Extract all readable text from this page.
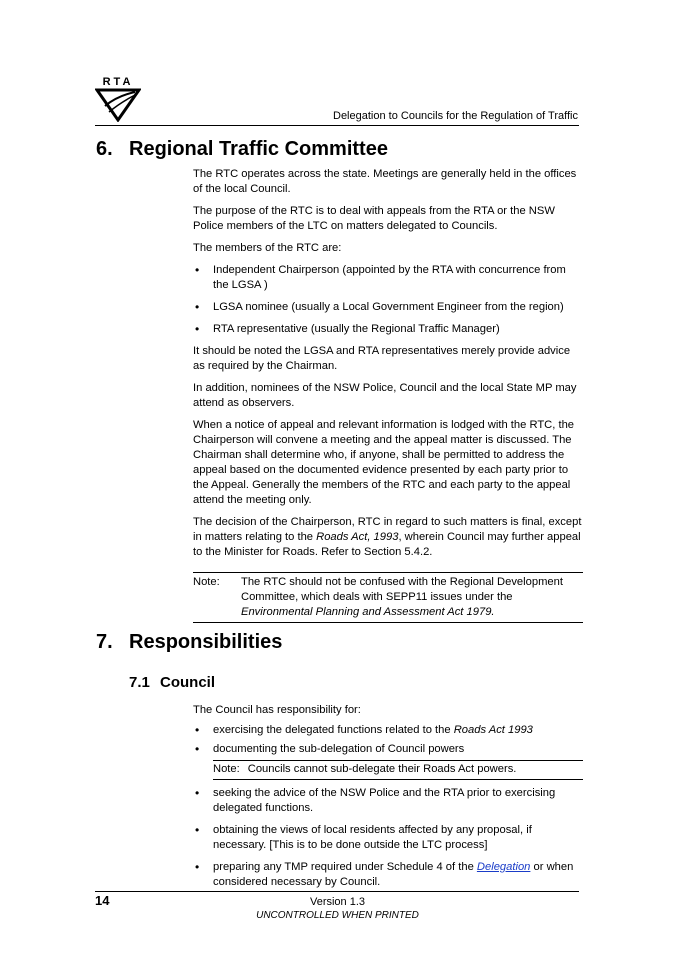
RTA
Delegation to Councils for the Regulation of Traffic
6. Regional Traffic Committee

The RTC operates across the state. Meetings are generally held in the offices of the local Council.

The purpose of the RTC is to deal with appeals from the RTA or the NSW Police members of the LTC on matters delegated to Councils.

The members of the RTC are:

• Independent Chairperson (appointed by the RTA with concurrence from the LGSA )
• LGSA nominee (usually a Local Government Engineer from the region)
• RTA representative (usually the Regional Traffic Manager)

It should be noted the LGSA and RTA representatives merely provide advice as required by the Chairman.

In addition, nominees of the NSW Police, Council and the local State MP may attend as observers.

When a notice of appeal and relevant information is lodged with the RTC, the Chairperson will convene a meeting and the appeal matter is discussed. The Chairman shall determine who, if anyone, shall be permitted to address the appeal based on the documented evidence presented by each party prior to the Appeal. Generally the members of the RTC and each party to the appeal attend the meeting only.

The decision of the Chairperson, RTC in regard to such matters is final, except in matters relating to the Roads Act, 1993, wherein Council may further appeal to the Minister for Roads. Refer to Section 5.4.2.

Note:	The RTC should not be confused with the Regional Development Committee, which deals with SEPP11 issues under the Environmental Planning and Assessment Act 1979.
7. Responsibilities
7.1 Council

The Council has responsibility for:

• exercising the delegated functions related to the Roads Act 1993
• documenting the sub-delegation of Council powers
Note: Councils cannot sub-delegate their Roads Act powers.
• seeking the advice of the NSW Police and the RTA prior to exercising delegated functions.
• obtaining the views of local residents affected by any proposal, if necessary. [This is to be done outside the LTC process]
• preparing any TMP required under Schedule 4 of the Delegation or when considered necessary by Council.
14	Version 1.3
UNCONTROLLED WHEN PRINTED
